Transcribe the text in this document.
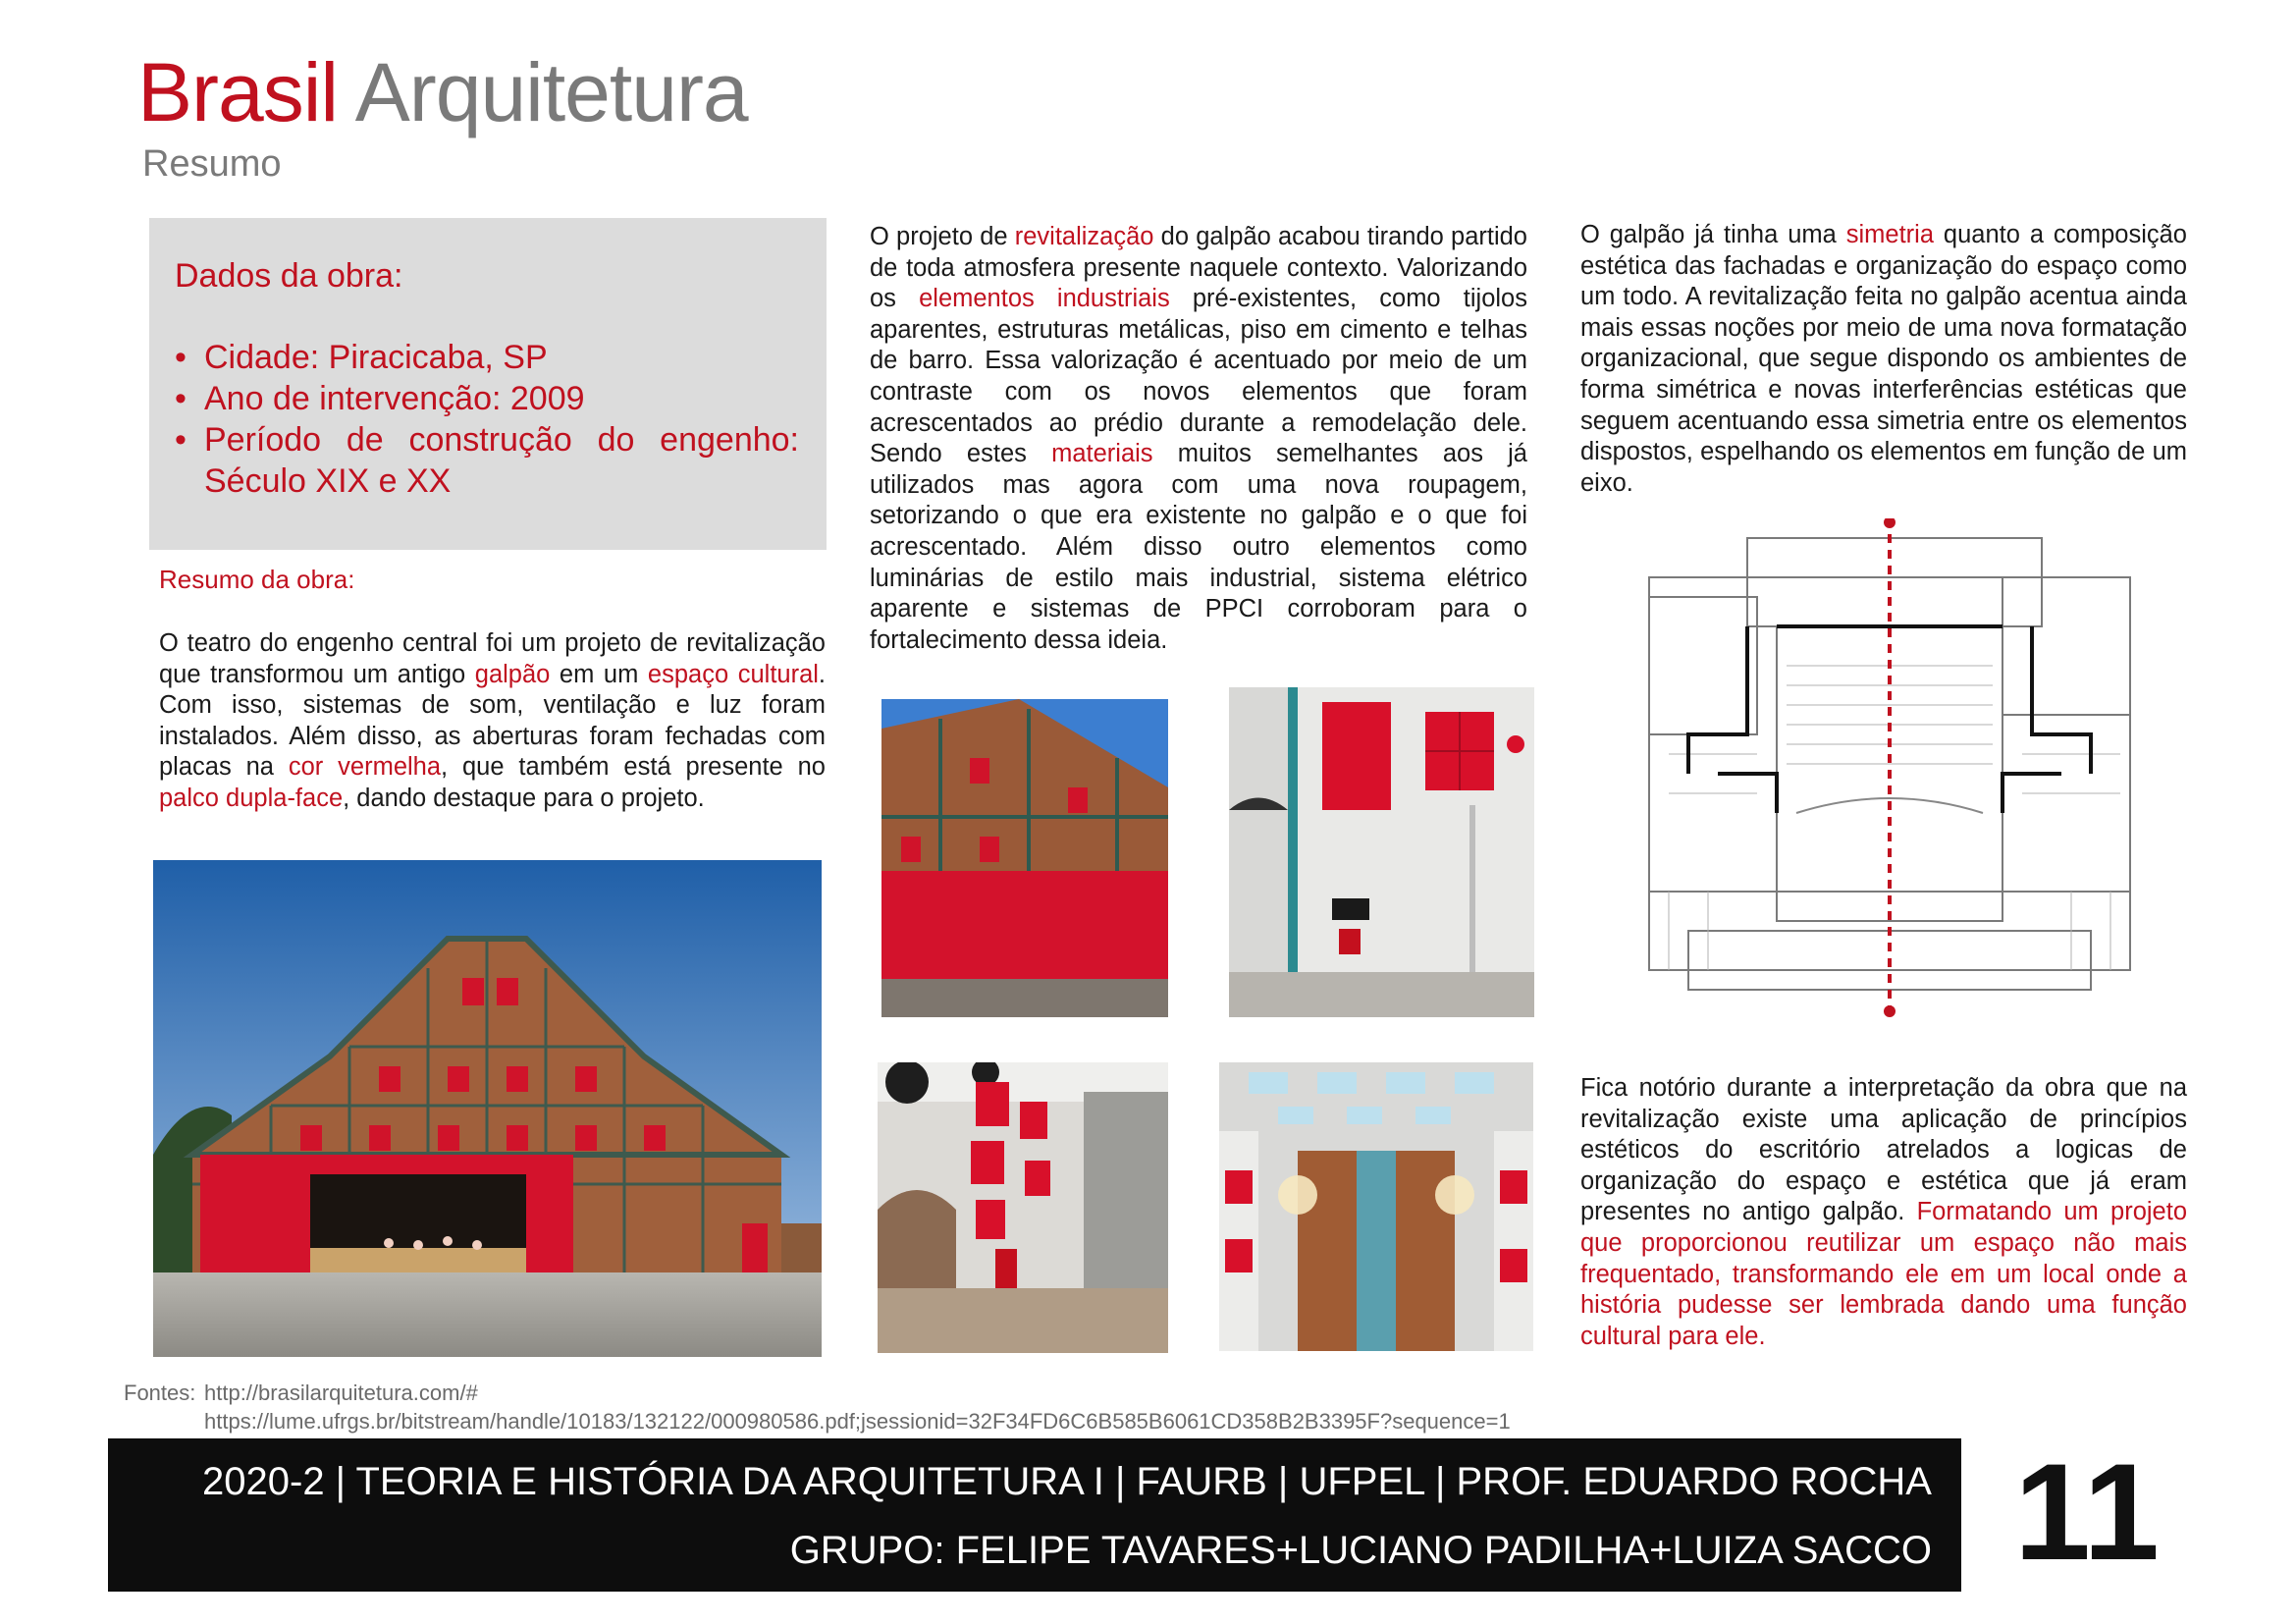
Brasil Arquitetura
Resumo
Dados da obra:
• Cidade: Piracicaba, SP
• Ano de intervenção: 2009
• Período de construção do engenho: Século XIX e XX
Resumo da obra:

O teatro do engenho central foi um projeto de revitalização que transformou um antigo galpão em um espaço cultural. Com isso, sistemas de som, ventilação e luz foram instalados. Além disso, as aberturas foram fechadas com placas na cor vermelha, que também está presente no palco dupla-face, dando destaque para o projeto.

O projeto de revitalização do galpão acabou tirando partido de toda atmosfera presente naquele contexto. Valorizando os elementos industriais pré-existentes, como tijolos aparentes, estruturas metálicas, piso em cimento e telhas de barro. Essa valorização é acentuado por meio de um contraste com os novos elementos que foram acrescentados ao prédio durante a remodelação dele. Sendo estes materiais muitos semelhantes aos já utilizados mas agora com uma nova roupagem, setorizando o que era existente no galpão e o que foi acrescentado. Além disso outro elementos como luminárias de estilo mais industrial, sistema elétrico aparente e sistemas de PPCI corroboram para o fortalecimento dessa ideia.

O galpão já tinha uma simetria quanto a composição estética das fachadas e organização do espaço como um todo. A revitalização feita no galpão acentua ainda mais essas noções por meio de uma nova formatação organizacional, que segue dispondo os ambientes de forma simétrica e novas interferências estéticas que seguem acentuando essa simetria entre os elementos dispostos, espelhando os elementos em função de um eixo.

Fica notório durante a interpretação da obra que na revitalização existe uma aplicação de princípios estéticos do escritório atrelados a logicas de organização do espaço e estética que já eram presentes no antigo galpão. Formatando um projeto que proporcionou reutilizar um espaço não mais frequentado, transformando ele em um local onde a história pudesse ser lembrada dando uma função cultural para ele.

Fontes: http://brasilarquitetura.com/#
https://lume.ufrgs.br/bitstream/handle/10183/132122/000980586.pdf;jsessionid=32F34FD6C6B585B6061CD358B2B3395F?sequence=1
2020-2 | TEORIA E HISTÓRIA DA ARQUITETURA I | FAURB | UFPEL | PROF. EDUARDO ROCHA
GRUPO: FELIPE TAVARES+LUCIANO PADILHA+LUIZA SACCO 11
